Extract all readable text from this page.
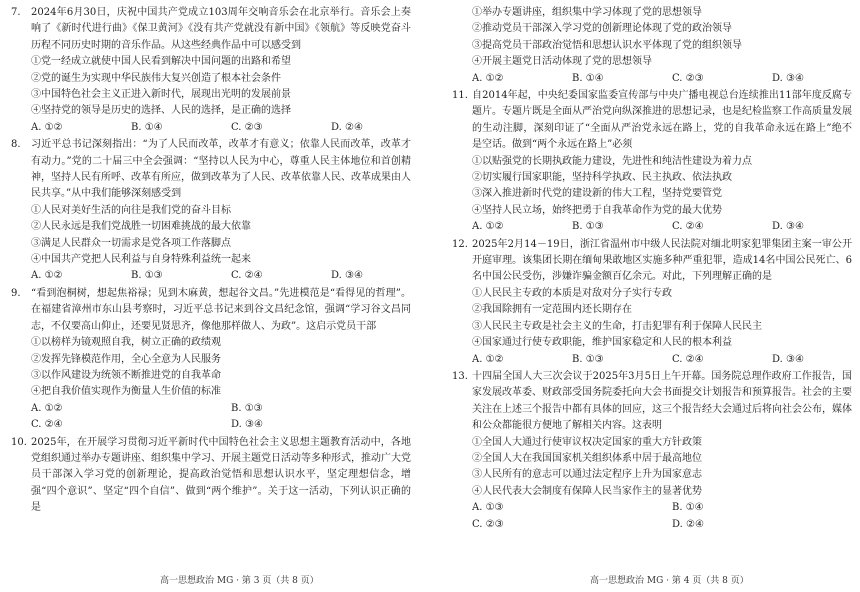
7. 2024年6月30日，庆祝中国共产党成立103周年交响音乐会在北京举行。音乐会上奏响了《新时代进行曲》《保卫黄河》《没有共产党就没有新中国》《领航》等反映党奋斗历程不同历史时期的音乐作品。从这些经典作品中可以感受到
①党一经成立就使中国人民看到解决中国问题的出路和希望
②党的诞生为实现中华民族伟大复兴创造了根本社会条件
③中国特色社会主义正进入新时代，展现出光明的发展前景
④坚持党的领导是历史的选择、人民的选择，是正确的选择
A. ①②	B. ①④	C. ②③	D. ②④
8. 习近平总书记深刻指出：“为了人民而改革，改革才有意义；依靠人民而改革，改革才有动力。”党的二十届三中全会强调：“坚持以人民为中心，尊重人民主体地位和首创精神，坚持人民有所呼、改革有所应，做到改革为了人民、改革依靠人民、改革成果由人民共享。”从中我们能够深刻感受到
①人民对美好生活的向往是我们党的奋斗目标
②人民永远是我们党战胜一切困难挑战的最大依靠
③满足人民群众一切需求是党各项工作落脚点
④中国共产党把人民利益与自身特殊利益统一起来
A. ①②	B. ①③	C. ②④	D. ③④
9. “看到泡桐树，想起焦裕禄；见到木麻黄，想起谷文昌。”先进模范是“看得见的哲理”。在福建省漳州市东山县考察时，习近平总书记来到谷文昌纪念馆，强调“学习谷文昌同志，不仅要高山仰止，还要见贤思齐，像他那样做人、为政”。这启示党员干部
①以榜样为镜观照自我，树立正确的政绩观
②发挥先锋模范作用，全心全意为人民服务
③以作风建设为统领不断推进党的自我革命
④把自我价值实现作为衡量人生价值的标准
A. ①②	B. ①③
C. ②④	D. ③④
10. 2025年，在开展学习贯彻习近平新时代中国特色社会主义思想主题教育活动中，各地党组织通过举办专题讲座、组织集中学习、开展主题党日活动等多种形式，推动广大党员干部深入学习党的创新理论，提高政治觉悟和思想认识水平，坚定理想信念，增强“四个意识”、坚定“四个自信”、做到“两个维护”。关于这一活动，下列认识正确的是
①举办专题讲座，组织集中学习体现了党的思想领导
②推动党员干部深入学习党的创新理论体现了党的政治领导
③提高党员干部政治觉悟和思想认识水平体现了党的组织领导
④开展主题党日活动体现了党的思想领导
A. ①②	B. ①④	C. ②③	D. ③④
11. 自2014年起，中央纪委国家监委宣传部与中央广播电视总台连续推出11部年度反腐专题片。专题片既是全面从严治党向纵深推进的思想记录，也是纪检监察工作高质量发展的生动注脚，深刻印证了“全面从严治党永远在路上，党的自我革命永远在路上”绝不是空话。做到“两个永远在路上”必须
①以贴强党的长期执政能力建设，先进性和纯洁性建设为着力点
②切实履行国家职能，坚持科学执政、民主执政、依法执政
③深入推进新时代党的建设新的伟大工程，坚持党要管党
④坚持人民立场，始终把勇于自我革命作为党的最大优势
A. ①②	B. ①③	C. ②④	D. ③④
12. 2025年2月14－19日，浙江省温州市中级人民法院对缅北明家犯罪集团主案一审公开开庭审理。该集团长期在缅甸果敢地区实施多种严重犯罪，造成14名中国公民死亡、6名中国公民受伤，涉嫌诈骗金额百亿余元。对此，下列理解正确的是
①人民民主专政的本质是对敌对分子实行专政
②我国除拥有一定范围内还长期存在
③人民民主专政是社会主义的生命，打击犯罪有利于保障人民民主
④国家通过行使专政职能，维护国家稳定和人民的根本利益
A. ①②	B. ①③	C. ②④	D. ③④
13. 十四届全国人大三次会议于2025年3月5日上午开幕。国务院总理作政府工作报告，国家发展改革委、财政部受国务院委托向大会书面提交计划报告和预算报告。社会的主要关注在上述三个报告中都有具体的回应，这三个报告经大会通过后将向社会公布，媒体和公众都能很方便地了解相关内容。这表明
①全国人大通过行使审议权决定国家的重大方针政策
②全国人大在我国国家机关组织体系中居于最高地位
③人民所有的意志可以通过法定程序上升为国家意志
④人民代表大会制度有保障人民当家作主的显著优势
A. ①③	B. ①④
C. ②③	D. ②④
高一思想政治 MG · 第 3 页（共 8 页）	高一思想政治 MG · 第 4 页（共 8 页）
